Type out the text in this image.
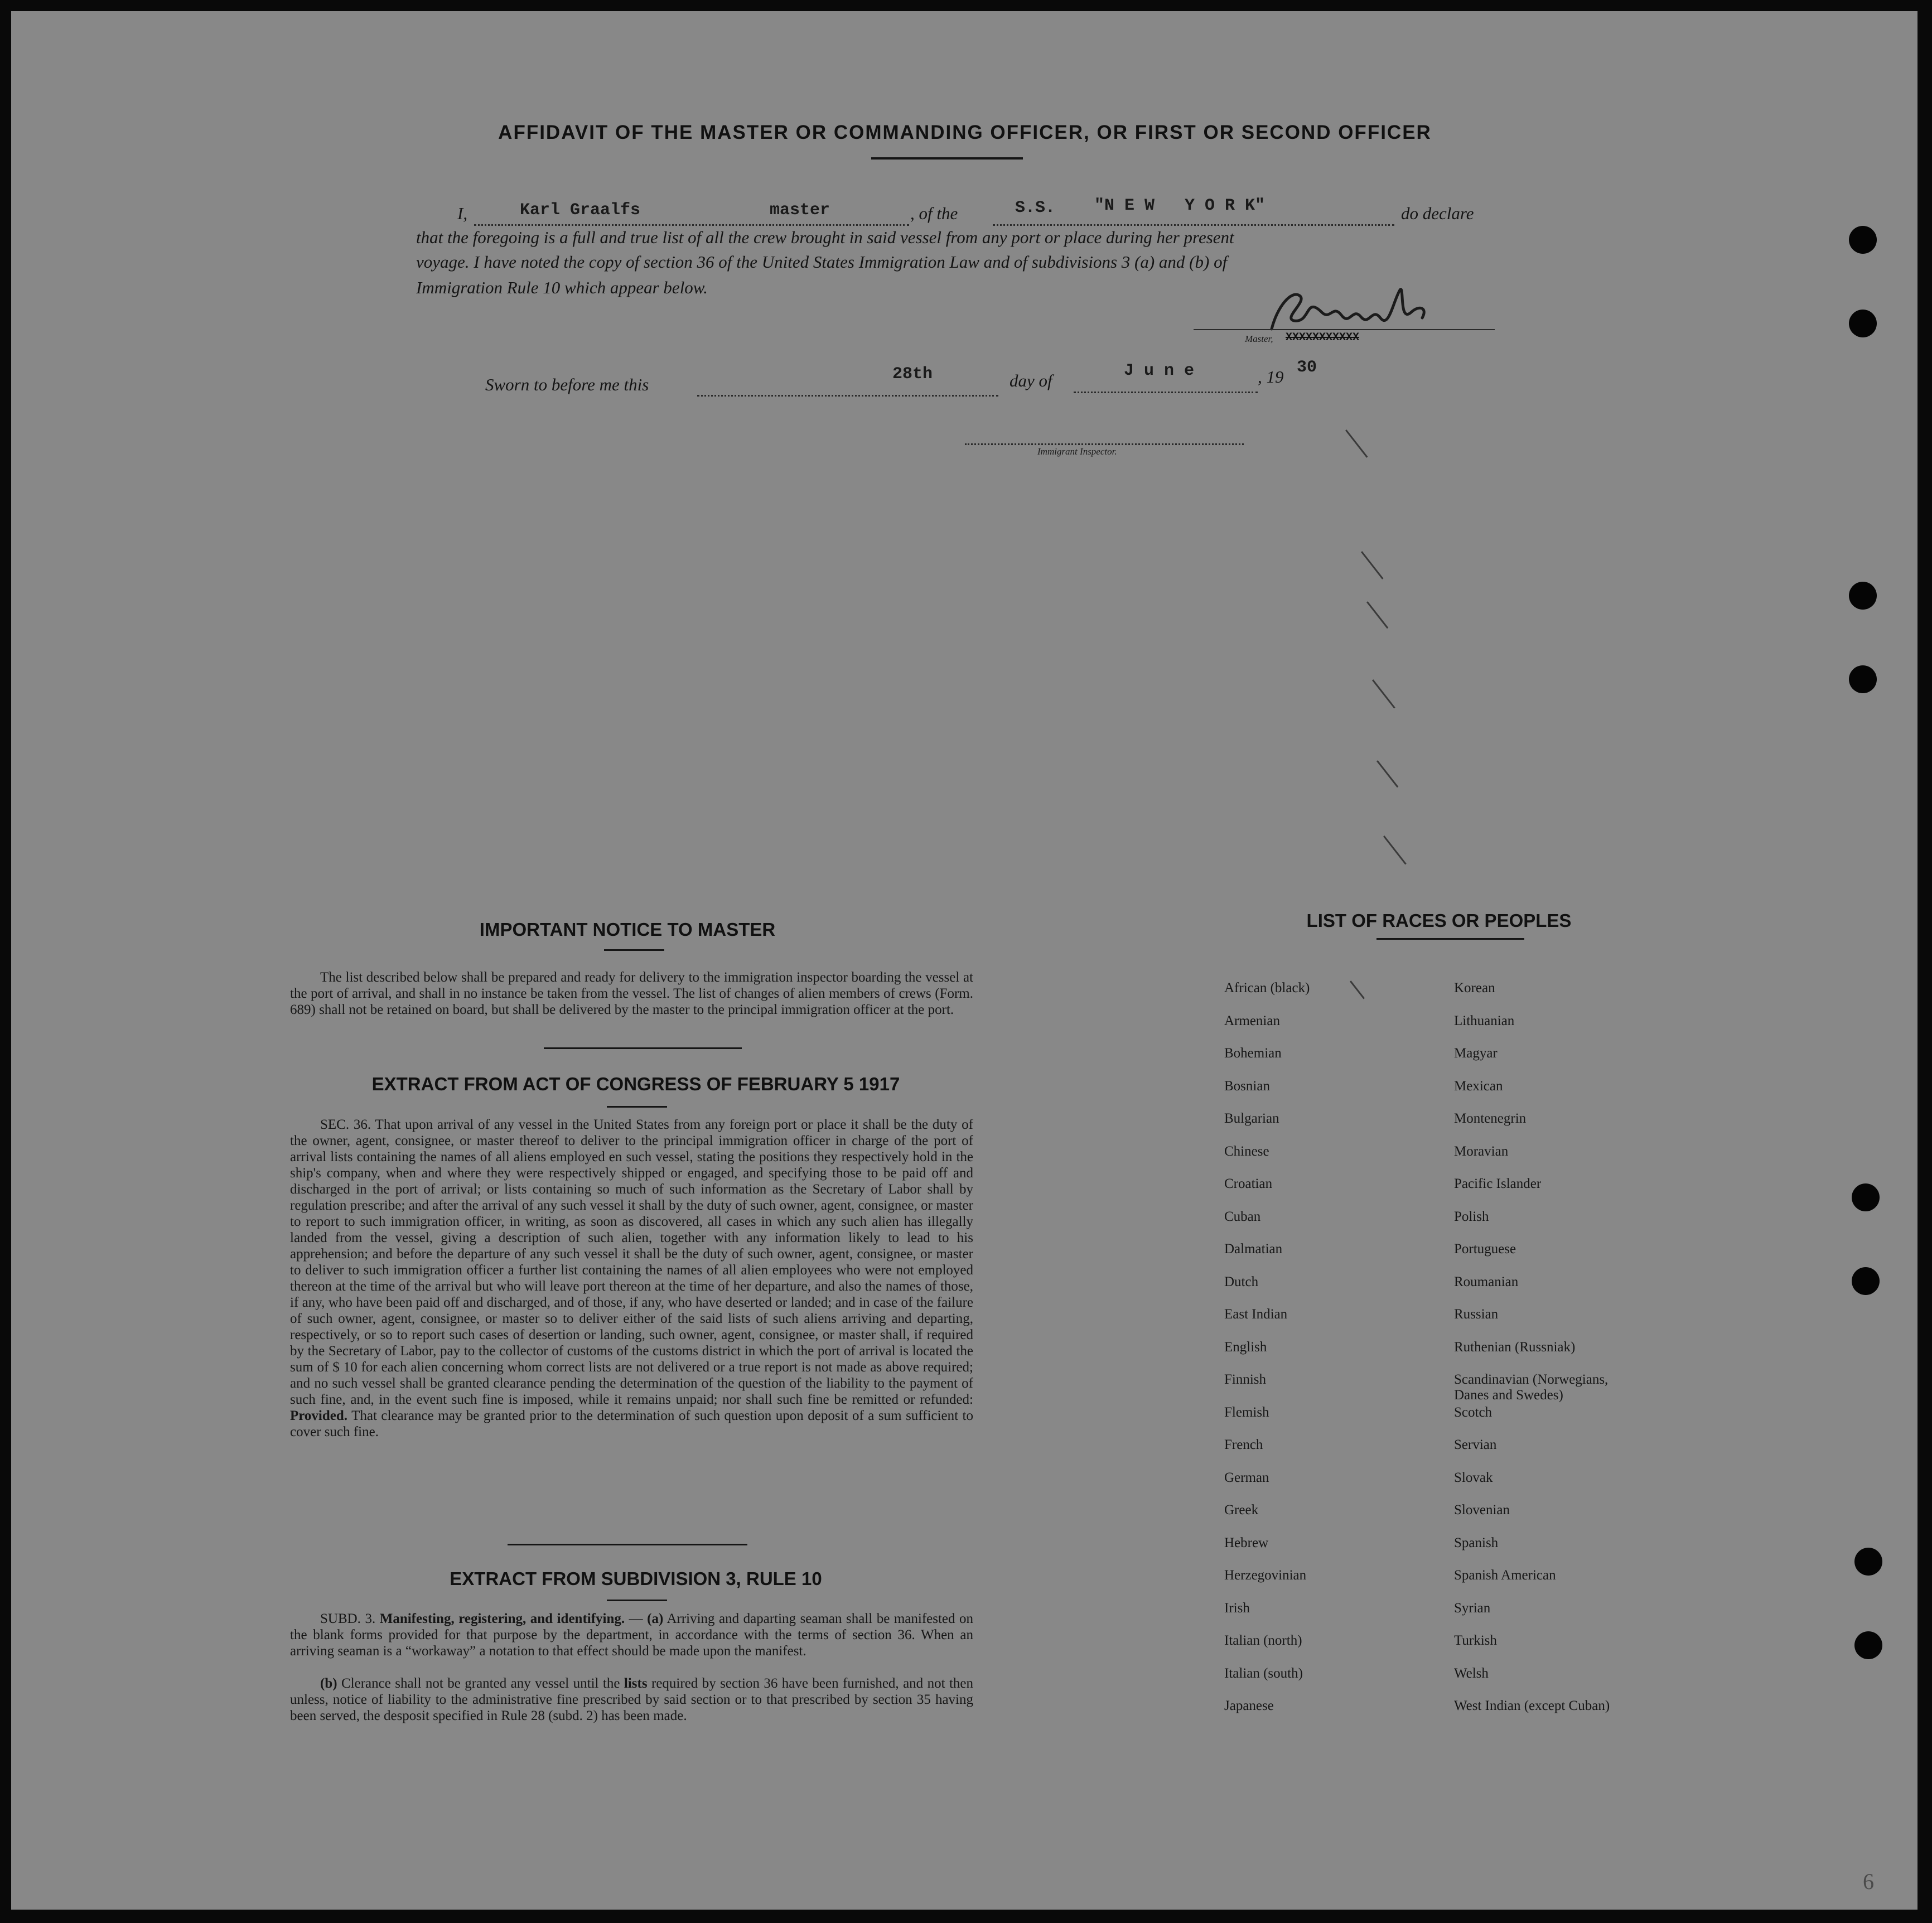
AFFIDAVIT OF THE MASTER OR COMMANDING OFFICER, OR FIRST OR SECOND OFFICER
I,	Karl Graalfs	master	, of the	S.S. "N E W   Y O R K"	do declare
that the foregoing is a full and true list of all the crew brought in said vessel from any port or place during her present
voyage. I have noted the copy of section 36 of the United States Immigration Law and of subdivisions 3 (a) and (b) of
Immigration Rule 10 which appear below.
Master, XXXXXXXXXXX
Sworn to before me this
28th	day of	J u n e	, 19 30
Immigrant Inspector.
IMPORTANT NOTICE TO MASTER

The list described below shall be prepared and ready for delivery to the immigration inspector boarding the vessel at the port of arrival, and shall in no instance be taken from the vessel. The list of changes of alien members of crews (Form. 689) shall not be retained on board, but shall be delivered by the master to the principal immigration officer at the port.

EXTRACT FROM ACT OF CONGRESS OF FEBRUARY 5 1917

SEC. 36. That upon arrival of any vessel in the United States from any foreign port or place it shall be the duty of the owner, agent, consignee, or master thereof to deliver to the principal immigration officer in charge of the port of arrival lists containing the names of all aliens employed en such vessel, stating the positions they respectively hold in the ship's company, when and where they were respectively shipped or engaged, and specifying those to be paid off and discharged in the port of arrival; or lists containing so much of such information as the Secretary of Labor shall by regulation prescribe; and after the arrival of any such vessel it shall by the duty of such owner, agent, consignee, or master to report to such immigration officer, in writing, as soon as discovered, all cases in which any such alien has illegally landed from the vessel, giving a description of such alien, together with any information likely to lead to his apprehension; and before the departure of any such vessel it shall be the duty of such owner, agent, consignee, or master to deliver to such immigration officer a further list containing the names of all alien employees who were not employed thereon at the time of the arrival but who will leave port thereon at the time of her departure, and also the names of those, if any, who have been paid off and discharged, and of those, if any, who have deserted or landed; and in case of the failure of such owner, agent, consignee, or master so to deliver either of the said lists of such aliens arriving and departing, respectively, or so to report such cases of desertion or landing, such owner, agent, consignee, or master shall, if required by the Secretary of Labor, pay to the collector of customs of the customs district in which the port of arrival is located the sum of $ 10 for each alien concerning whom correct lists are not delivered or a true report is not made as above required; and no such vessel shall be granted clearance pending the determination of the question of the liability to the payment of such fine, and, in the event such fine is imposed, while it remains unpaid; nor shall such fine be remitted or refunded: Provided. That clearance may be granted prior to the determination of such question upon deposit of a sum sufficient to cover such fine.

EXTRACT FROM SUBDIVISION 3, RULE 10

SUBD. 3. Manifesting, registering, and identifying. — (a) Arriving and daparting seaman shall be manifested on the blank forms provided for that purpose by the department, in accordance with the terms of section 36. When an arriving seaman is a “workaway” a notation to that effect should be made upon the manifest.

(b) Clerance shall not be granted any vessel until the lists required by section 36 have been furnished, and not then unless, notice of liability to the administrative fine prescribed by said section or to that prescribed by section 35 having been served, the desposit specified in Rule 28 (subd. 2) has been made.

LIST OF RACES OR PEOPLES
African (black)
Armenian
Bohemian
Bosnian
Bulgarian
Chinese
Croatian
Cuban
Dalmatian
Dutch
East Indian
English
Finnish
Flemish
French
German
Greek
Hebrew
Herzegovinian
Irish
Italian (north)
Italian (south)
Japanese
Korean
Lithuanian
Magyar
Mexican
Montenegrin
Moravian
Pacific Islander
Polish
Portuguese
Roumanian
Russian
Ruthenian (Russniak)
Scandinavian (Norwegians,
Danes and Swedes)
Scotch
Servian
Slovak
Slovenian
Spanish
Spanish American
Syrian
Turkish
Welsh
West Indian (except Cuban)
6
